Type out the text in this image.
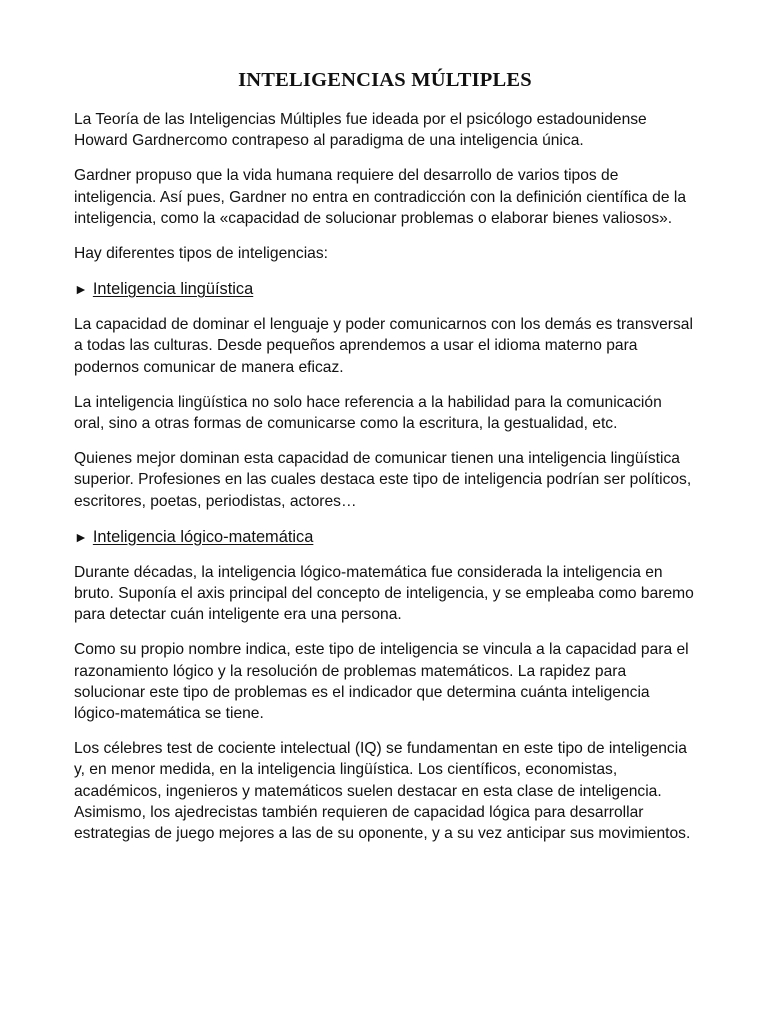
INTELIGENCIAS MÚLTIPLES

La Teoría de las Inteligencias Múltiples fue ideada por el psicólogo estadounidense Howard Gardnercomo contrapeso al paradigma de una inteligencia única.

Gardner propuso que la vida humana requiere del desarrollo de varios tipos de inteligencia. Así pues, Gardner no entra en contradicción con la definición científica de la inteligencia, como la «capacidad de solucionar problemas o elaborar bienes valiosos».

Hay diferentes tipos de inteligencias:

► Inteligencia lingüística

La capacidad de dominar el lenguaje y poder comunicarnos con los demás es transversal a todas las culturas. Desde pequeños aprendemos a usar el idioma materno para podernos comunicar de manera eficaz.

La inteligencia lingüística no solo hace referencia a la habilidad para la comunicación oral, sino a otras formas de comunicarse como la escritura, la gestualidad, etc.

Quienes mejor dominan esta capacidad de comunicar tienen una inteligencia lingüística superior. Profesiones en las cuales destaca este tipo de inteligencia podrían ser políticos, escritores, poetas, periodistas, actores…

► Inteligencia lógico-matemática

Durante décadas, la inteligencia lógico-matemática fue considerada la inteligencia en bruto. Suponía el axis principal del concepto de inteligencia, y se empleaba como baremo para detectar cuán inteligente era una persona.

Como su propio nombre indica, este tipo de inteligencia se vincula a la capacidad para el razonamiento lógico y la resolución de problemas matemáticos. La rapidez para solucionar este tipo de problemas es el indicador que determina cuánta inteligencia lógico-matemática se tiene.

Los célebres test de cociente intelectual (IQ) se fundamentan en este tipo de inteligencia y, en menor medida, en la inteligencia lingüística. Los científicos, economistas, académicos, ingenieros y matemáticos suelen destacar en esta clase de inteligencia. Asimismo, los ajedrecistas también requieren de capacidad lógica para desarrollar estrategias de juego mejores a las de su oponente, y a su vez anticipar sus movimientos.
